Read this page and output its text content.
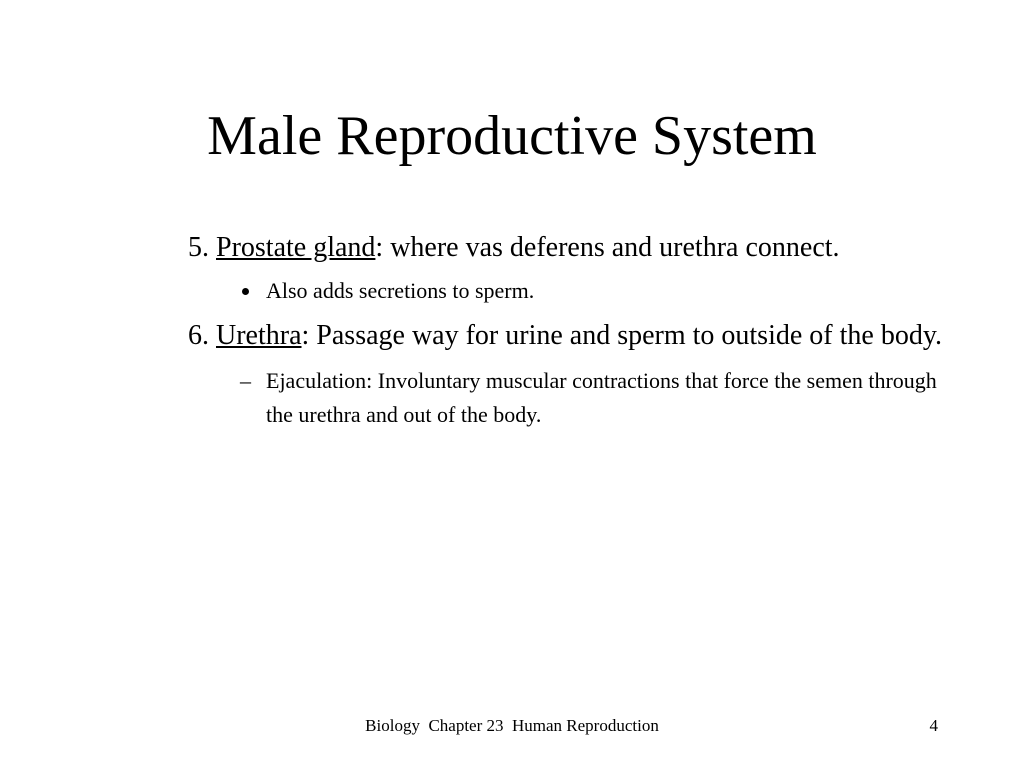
Male Reproductive System

5. Prostate gland: where vas deferens and urethra connect.

Also adds secretions to sperm.

6. Urethra: Passage way for urine and sperm to outside of the body.

– Ejaculation: Involuntary muscular contractions that force the semen through the urethra and out of the body.
Biology  Chapter 23  Human Reproduction	4
